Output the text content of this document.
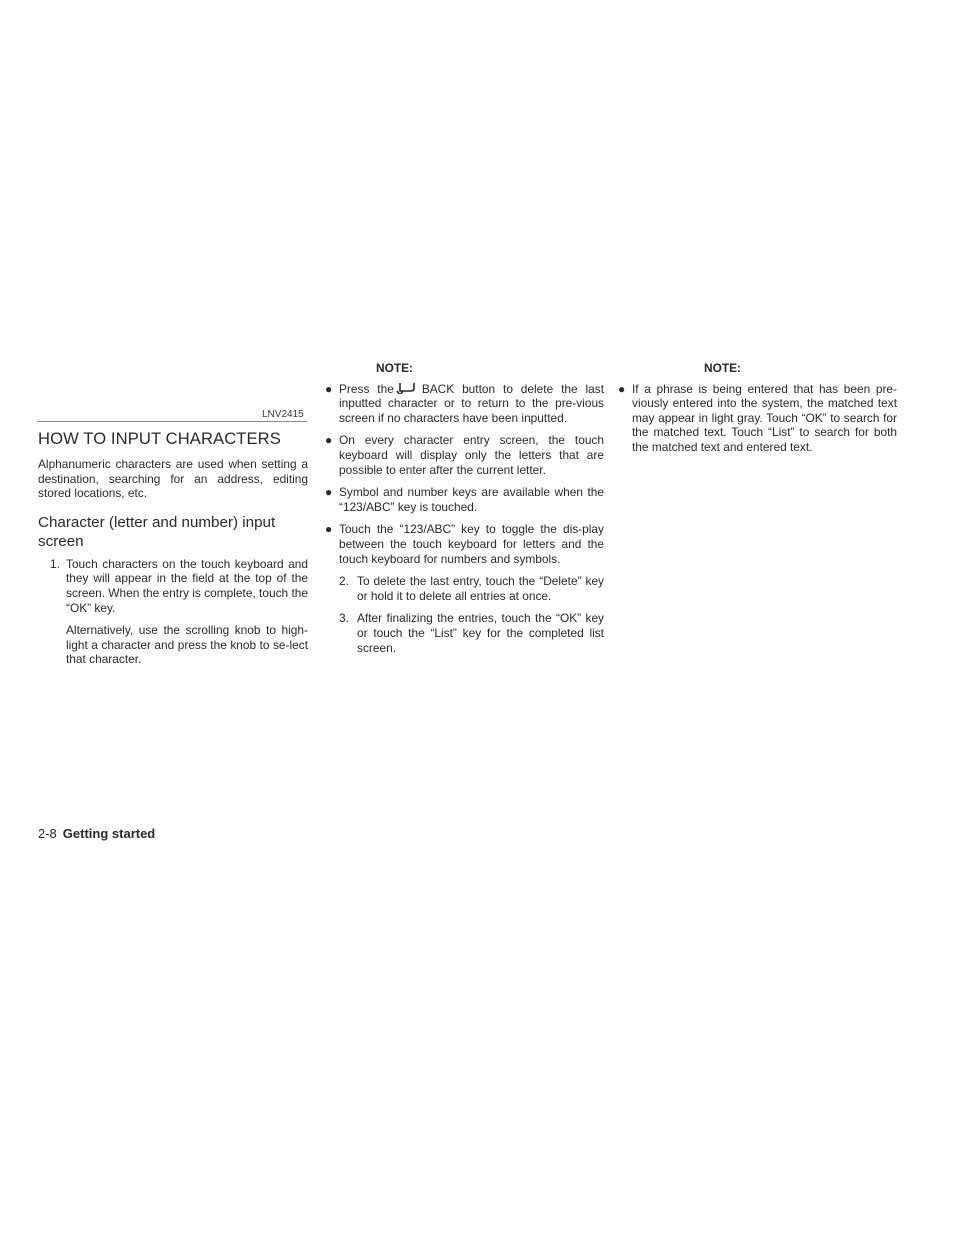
LNV2415
HOW TO INPUT CHARACTERS

Alphanumeric characters are used when setting a destination, searching for an address, editing stored locations, etc.

Character (letter and number) input screen
1. Touch characters on the touch keyboard and they will appear in the field at the top of the screen. When the entry is complete, touch the “OK” key.

Alternatively, use the scrolling knob to high-light a character and press the knob to se-lect that character.

NOTE:
● Press the BACK button to delete the last inputted character or to return to the pre-vious screen if no characters have been inputted.
● On every character entry screen, the touch keyboard will display only the letters that are possible to enter after the current letter.
● Symbol and number keys are available when the “123/ABC” key is touched.
● Touch the “123/ABC” key to toggle the dis-play between the touch keyboard for letters and the touch keyboard for numbers and symbols.
2. To delete the last entry, touch the “Delete” key or hold it to delete all entries at once.
3. After finalizing the entries, touch the “OK” key or touch the “List” key for the completed list screen.
NOTE:
● If a phrase is being entered that has been pre-viously entered into the system, the matched text may appear in light gray. Touch “OK” to search for the matched text. Touch “List” to search for both the matched text and entered text.
2-8 Getting started
